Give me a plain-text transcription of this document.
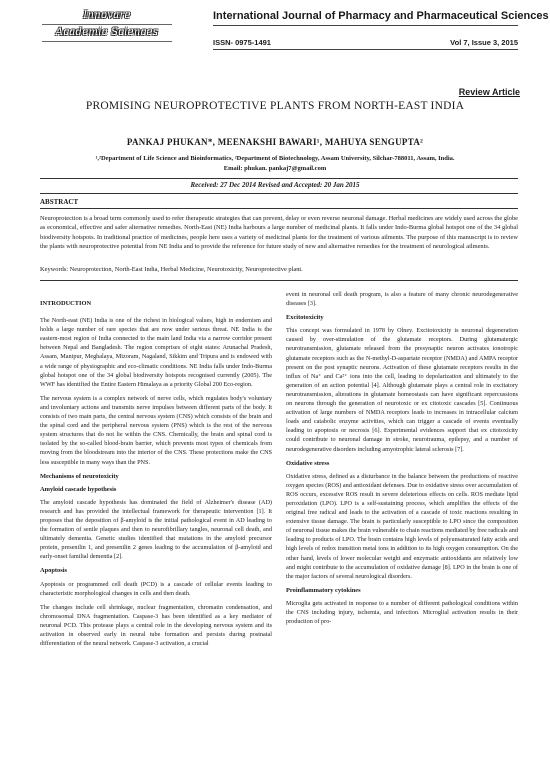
Innovare
Academic Sciences
International Journal of Pharmacy and Pharmaceutical Sciences
ISSN- 0975-1491	Vol 7, Issue 3, 2015
Review Article
PROMISING NEUROPROTECTIVE PLANTS FROM NORTH-EAST INDIA
PANKAJ PHUKAN*, MEENAKSHI BAWARI¹, MAHUYA SENGUPTA²
¹,²Department of Life Science and Bioinformatics, ²Department of Biotechnology, Assam University, Silchar-788011, Assam, India.
Email: phukan. pankaj7@gmail.com
Received: 27 Dec 2014 Revised and Accepted: 20 Jan 2015
ABSTRACT
Neuroprotection is a broad term commonly used to refer therapeutic strategies that can prevent, delay or even reverse neuronal damage. Herbal medicines are widely used across the globe as economical, effective and safer alternative remedies. North-East (NE) India harbours a large number of medicinal plants. It falls under Indo-Burma global hotspot one of the 34 global biodiversity hotspots. In traditional practice of medicines, people here uses a variety of medicinal plants for the treatment of various ailments. The purpose of this manuscript is to review the plants with neuroprotective potential from NE India and to provide the reference for future study of new and alternative remedies for the treatment of neurological ailments.
Keywords: Neuroprotection, North-East India, Herbal Medicine, Neurotoxicity, Neuroprotective plant.
INTRODUCTION

The North-east (NE) India is one of the richest in biological values, high in endemism and holds a large number of rare species that are now under serious threat. NE India is the eastern-most region of India connected to the main land India via a narrow corridor present between Nepal and Bangladesh. The region comprises of eight states: Arunachal Pradesh, Assam, Manipur, Meghalaya, Mizoram, Nagaland, Sikkim and Tripura and is endowed with a wide range of physiographic and eco-climatic conditions. NE India falls under Indo-Burma global hotspot one of the 34 global biodiversity hotspots recognised currently (2005). The WWF has identified the Entire Eastern Himalaya as a priority Global 200 Eco-region.

The nervous system is a complex network of nerve cells, which regulates body's voluntary and involuntary actions and transmits nerve impulses between different parts of the body. It consists of two main parts, the central nervous system (CNS) which consists of the brain and the spinal cord and the peripheral nervous system (PNS) which is the rest of the nervous system structures that do not lie within the CNS. Chemically, the brain and spinal cord is isolated by the so-called blood-brain barrier, which prevents most types of chemicals from moving from the bloodstream into the interior of the CNS. These protections make the CNS less susceptible in many ways than the PNS.

Mechanisms of neurotoxicity
Amyloid cascade hypothesis

The amyloid cascade hypothesis has dominated the field of Alzheimer's disease (AD) research and has provided the intellectual framework for therapeutic intervention [1]. It proposes that the deposition of β-amyloid is the initial pathological event in AD leading to the formation of senile plaques and then to neurofibrillary tangles, neuronal cell death, and ultimately dementia. Genetic studies identified that mutations in the amyloid precursor protein, presenilin 1, and presenilin 2 genes leading to the accumulation of β-amyloid and early-onset familial dementia [2].

Apoptosis

Apoptosis or programmed cell death (PCD) is a cascade of cellular events leading to characteristic morphological changes in cells and then death.

The changes include cell shrinkage, nuclear fragmentation, chromatin condensation, and chromosomal DNA fragmentation. Caspase-3 has been identified as a key mediator of neuronal PCD. This protease plays a central role in the developing nervous system and its activation in observed early in neural tube formation and persists during postnatal differentiation of the neural network. Caspase-3 activation, a crucial

event in neuronal cell death program, is also a feature of many chronic neurodegenerative diseases [3].

Excitotoxicity

This concept was formulated in 1978 by Olney. Excitotoxicity is neuronal degeneration caused by over-stimulation of the glutamate receptors. During glutamatergic neurotransmission, glutamate released from the presynaptic neuron activates ionotropic glutamate receptors such as the N-methyl-D-aspartate receptor (NMDA) and AMPA receptor present on the post synaptic neurons. Activation of these glutamate receptors results in the influx of Na⁺ and Ca²⁺ ions into the cell, leading to depolarization and ultimately to the generation of an action potential [4]. Although glutamate plays a central role in excitatory neurotransmission, alterations in glutamate homeostasis can have significant repercussions on neurons through the generation of neurotoxic or ex citotoxic cascades [5]. Continuous activation of large numbers of NMDA receptors leads to increases in intracellular calcium loads and catabolic enzyme activities, which can trigger a cascade of events eventually leading to apoptosis or necrosis [6]. Experimental evidences support that ex citotoxicity could contribute to neuronal damage in stroke, neurotrauma, epilepsy, and a number of neurodegenerative disorders including amyotrophic lateral sclerosis [7].

Oxidative stress

Oxidative stress, defined as a disturbance in the balance between the productions of reactive oxygen species (ROS) and antioxidant defenses. Due to oxidative stress over accumulation of ROS occurs, excessive ROS result in severe deleterious effects on cells. ROS mediate lipid peroxidation (LPO). LPO is a self-sustaining process, which amplifies the effects of the original free radical and leads to the activation of a cascade of toxic reactions resulting in extensive tissue damage. The brain is particularly susceptible to LPO since the composition of neuronal tissue makes the brain vulnerable to chain reactions mediated by free radicals and leading to products of LPO. The brain contains high levels of polyunsaturated fatty acids and high levels of redox transition metal ions in addition to its high oxygen consumption. On the other hand, levels of lower molecular weight and enzymatic antioxidants are relatively low and might contribute to the accumulation of oxidative damage [8]. LPO in the brain is one of the major factors of several neurological disorders.

Proinflammatory cytokines

Microglia gets activated in response to a number of different pathological conditions within the CNS including injury, ischemia, and infection. Microglial activation results in their production of pro-
